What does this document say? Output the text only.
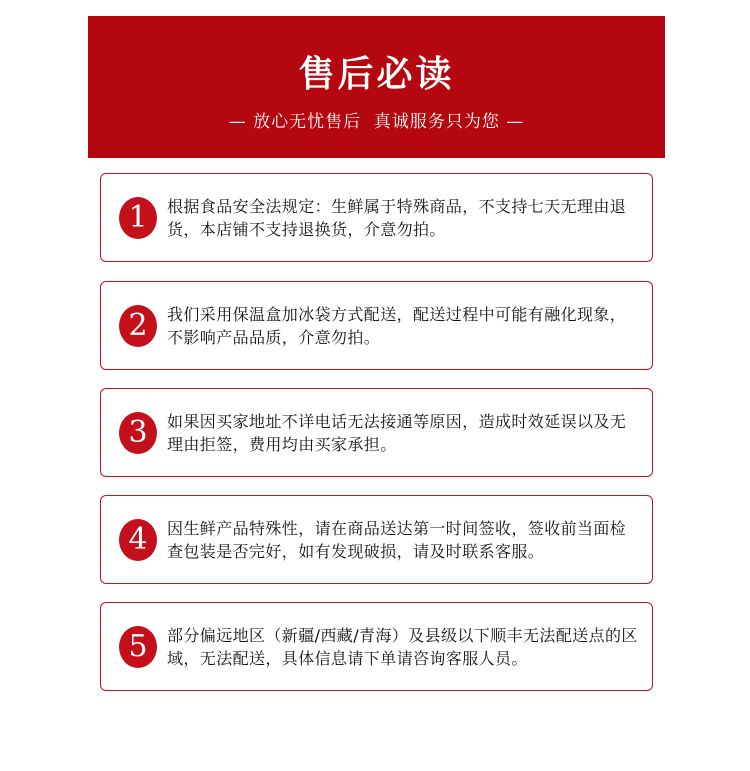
售后必读
— 放心无忧售后  真诚服务只为您 —
1	根据食品安全法规定：生鲜属于特殊商品，不支持七天无理由退货，本店铺不支持退换货，介意勿拍。
2	我们采用保温盒加冰袋方式配送，配送过程中可能有融化现象，不影响产品品质，介意勿拍。
3	如果因买家地址不详电话无法接通等原因，造成时效延误以及无理由拒签，费用均由买家承担。
4	因生鲜产品特殊性，请在商品送达第一时间签收，签收前当面检查包装是否完好，如有发现破损，请及时联系客服。
5	部分偏远地区（新疆/西藏/青海）及县级以下顺丰无法配送点的区域，无法配送，具体信息请下单请咨询客服人员。
